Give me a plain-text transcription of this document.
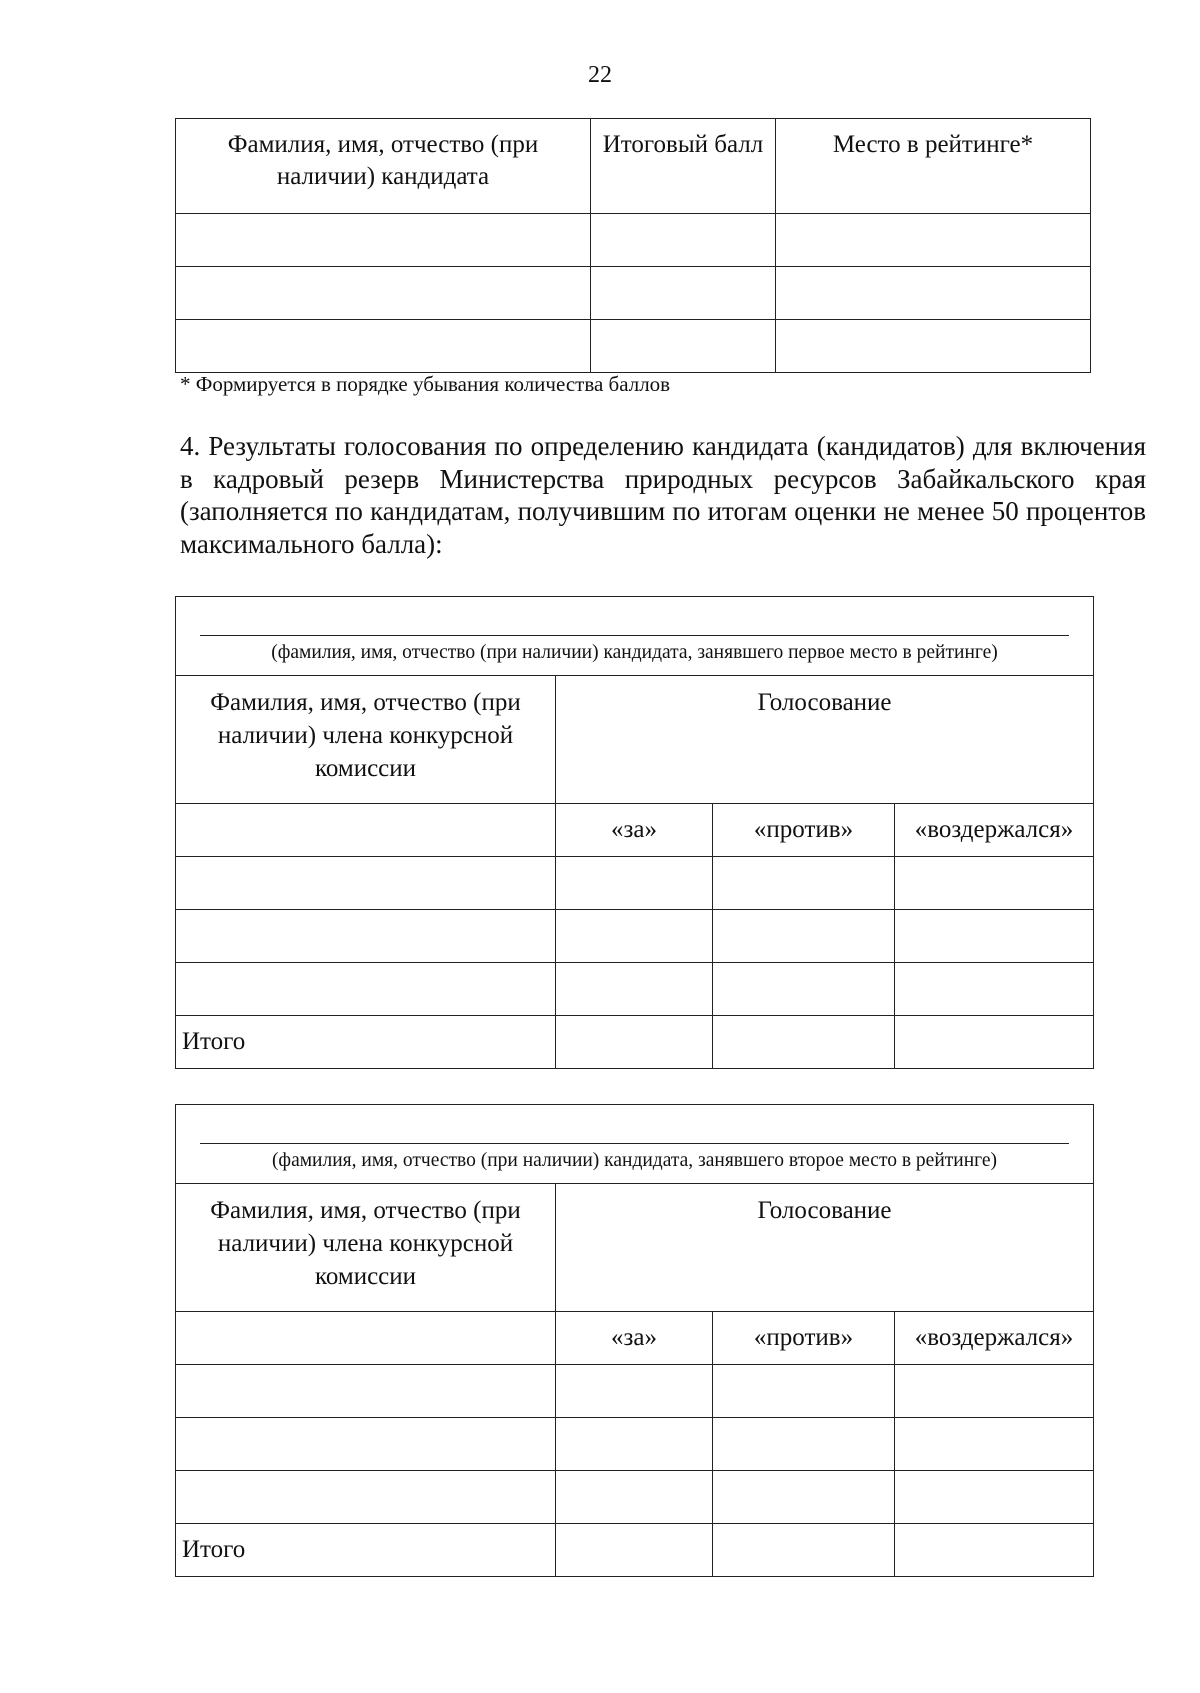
22
Фамилия, имя, отчество (при наличии) кандидата	Итоговый балл	Место в рейтинге*

* Формируется в порядке убывания количества баллов
4. Результаты голосования по определению кандидата (кандидатов) для включения в кадровый резерв Министерства природных ресурсов Забайкальского края (заполняется по кандидатам, получившим по итогам оценки не менее 50 процентов максимального балла):
(фамилия, имя, отчество (при наличии) кандидата, занявшего первое место в рейтинге)			

Фамилия, имя, отчество (при наличии) члена конкурсной комиссии	Голосование		
	«за»	«против»	«воздержался»

Итого			
(фамилия, имя, отчество (при наличии) кандидата, занявшего второе место в рейтинге)			

Фамилия, имя, отчество (при наличии) члена конкурсной комиссии	Голосование		
	«за»	«против»	«воздержался»

Итого			
